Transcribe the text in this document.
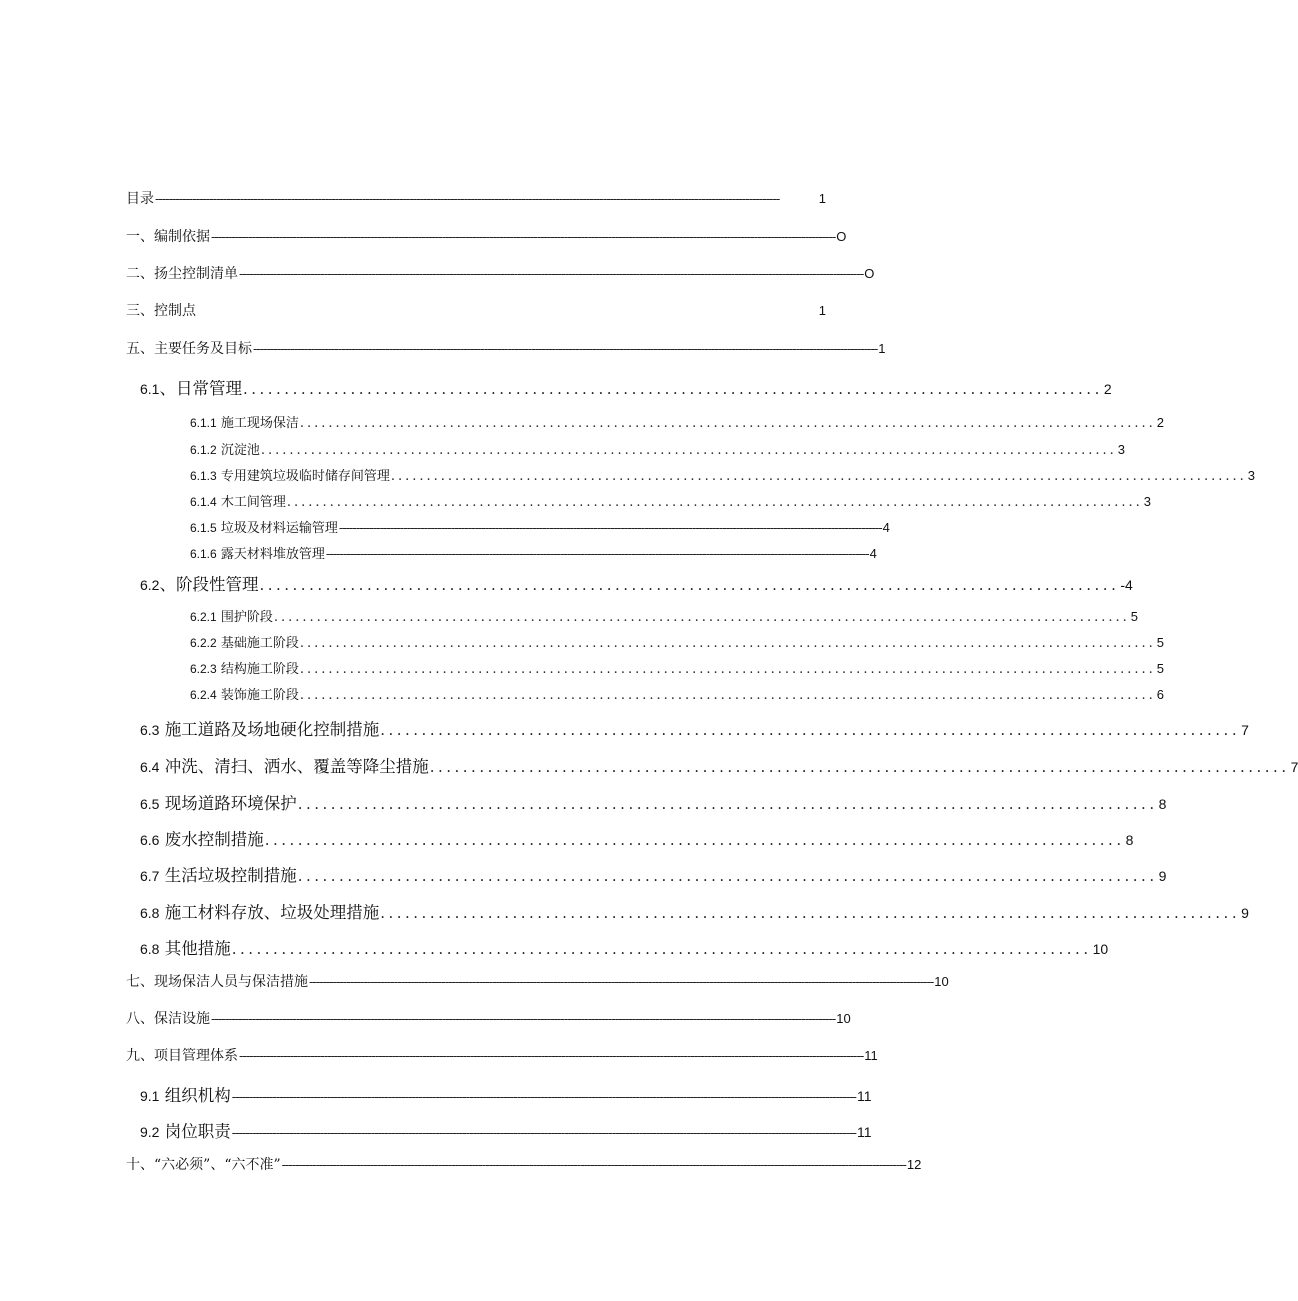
目录 ----------------------------------------------------------------------------------------------------------------------------------------------------------------------------------------	1
一、编制依据 ---------------------------------------------------------------------------------------------------------------------------------------------------------------------------------------- O
二、扬尘控制清单 ---------------------------------------------------------------------------------------------------------------------------------------------------------------------------------------- O
三、控制点	1
五、主要任务及目标 ---------------------------------------------------------------------------------------------------------------------------------------------------------------------------------------- 1
6.1、日常管理 ........................................................................................................ 2
6.1.1 施工现场保洁 ........................................................................................................................ 2
6.1.2 沉淀池 ........................................................................................................................ 3
6.1.3 专用建筑垃圾临时储存间管理 ........................................................................................................................ 3
6.1.4 木工间管理 ........................................................................................................................ 3
6.1.5 垃圾及材料运输管理 ---------------------------------------------------------------------------------------------------------------------------------------------------------------- 4
6.1.6 露天材料堆放管理 ---------------------------------------------------------------------------------------------------------------------------------------------------------------- 4
6.2、阶段性管理 ........................................................................................................ -4
6.2.1 围护阶段 ........................................................................................................................ 5
6.2.2 基础施工阶段 ........................................................................................................................ 5
6.2.3 结构施工阶段 ........................................................................................................................ 5
6.2.4 装饰施工阶段 ........................................................................................................................ 6
6.3 施工道路及场地硬化控制措施 ........................................................................................................ 7
6.4 冲洗、清扫、洒水、覆盖等降尘措施 ........................................................................................................ 7
6.5 现场道路环境保护 ........................................................................................................ 8
6.6 废水控制措施 ........................................................................................................ 8
6.7 生活垃圾控制措施 ........................................................................................................ 9
6.8 施工材料存放、垃圾处理措施 ........................................................................................................ 9
6.8 其他措施 ........................................................................................................ 10
七、现场保洁人员与保洁措施 ---------------------------------------------------------------------------------------------------------------------------------------------------------------------------------------- 10
八、保洁设施 ---------------------------------------------------------------------------------------------------------------------------------------------------------------------------------------- 10
九、项目管理体系 ---------------------------------------------------------------------------------------------------------------------------------------------------------------------------------------- 11
9.1 组织机构 ---------------------------------------------------------------------------------------------------------------------------------------------------------------------------------------- 11
9.2 岗位职责 ---------------------------------------------------------------------------------------------------------------------------------------------------------------------------------------- 11
十、“六必须”、“六不准” ---------------------------------------------------------------------------------------------------------------------------------------------------------------------------------------- 12
